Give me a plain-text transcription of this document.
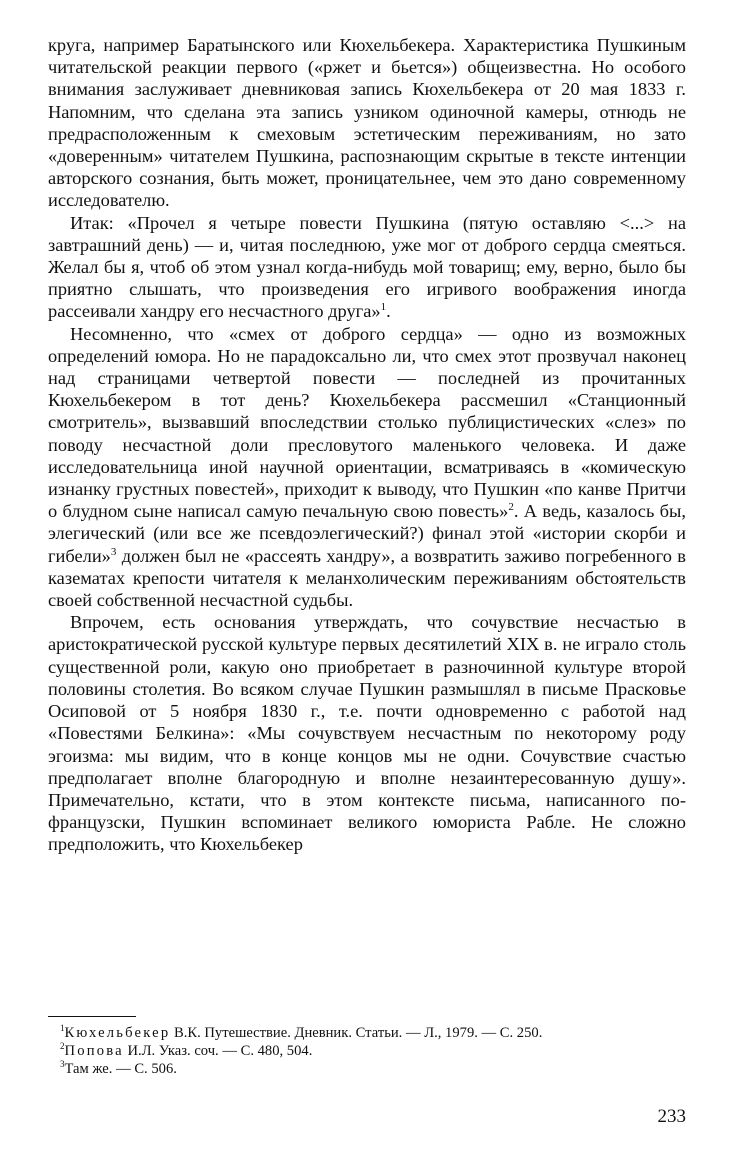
круга, например Баратынского или Кюхельбекера. Характеристика Пушкиным читательской реакции первого («ржет и бьется») общеизвестна. Но особого внимания заслуживает дневниковая запись Кюхельбекера от 20 мая 1833 г. Напомним, что сделана эта запись узником одиночной камеры, отнюдь не предрасположенным к смеховым эстетическим переживаниям, но зато «доверенным» читателем Пушкина, распознающим скрытые в тексте интенции авторского сознания, быть может, проницательнее, чем это дано современному исследователю.

Итак: «Прочел я четыре повести Пушкина (пятую оставляю <...> на завтрашний день) — и, читая последнюю, уже мог от доброго сердца смеяться. Желал бы я, чтоб об этом узнал когда-нибудь мой товарищ; ему, верно, было бы приятно слышать, что произведения его игривого воображения иногда рассеивали хандру его несчастного друга»$^1$.

Несомненно, что «смех от доброго сердца» — одно из возможных определений юмора. Но не парадоксально ли, что смех этот прозвучал наконец над страницами четвертой повести — последней из прочитанных Кюхельбекером в тот день? Кюхельбекера рассмешил «Станционный смотритель», вызвавший впоследствии столько публицистических «слез» по поводу несчастной доли пресловутого маленького человека. И даже исследовательница иной научной ориентации, всматриваясь в «комическую изнанку грустных повестей», приходит к выводу, что Пушкин «по канве Притчи о блудном сыне написал самую печальную свою повесть»$^2$. А ведь, казалось бы, элегический (или все же псевдоэлегический?) финал этой «истории скорби и гибели»$^3$ должен был не «рассеять хандру», а возвратить заживо погребенного в казематах крепости читателя к меланхолическим переживаниям обстоятельств своей собственной несчастной судьбы.

Впрочем, есть основания утверждать, что сочувствие несчастью в аристократической русской культуре первых десятилетий XIX в. не играло столь существенной роли, какую оно приобретает в разночинной культуре второй половины столетия. Во всяком случае Пушкин размышлял в письме Прасковье Осиповой от 5 ноября 1830 г., т.е. почти одновременно с работой над «Повестями Белкина»: «Мы сочувствуем несчастным по некоторому роду эгоизма: мы видим, что в конце концов мы не одни. Сочувствие счастью предполагает вполне благородную и вполне незаинтересованную душу». Примечательно, кстати, что в этом контексте письма, написанного по-французски, Пушкин вспоминает великого юмориста Рабле. Не сложно предположить, что Кюхельбекер

$^1$Кюхельбекер В.К. Путешествие. Дневник. Статьи. — Л., 1979. — С. 250.

$^2$Попова И.Л. Указ. соч. — С. 480, 504.

$^3$Там же. — С. 506.

233
